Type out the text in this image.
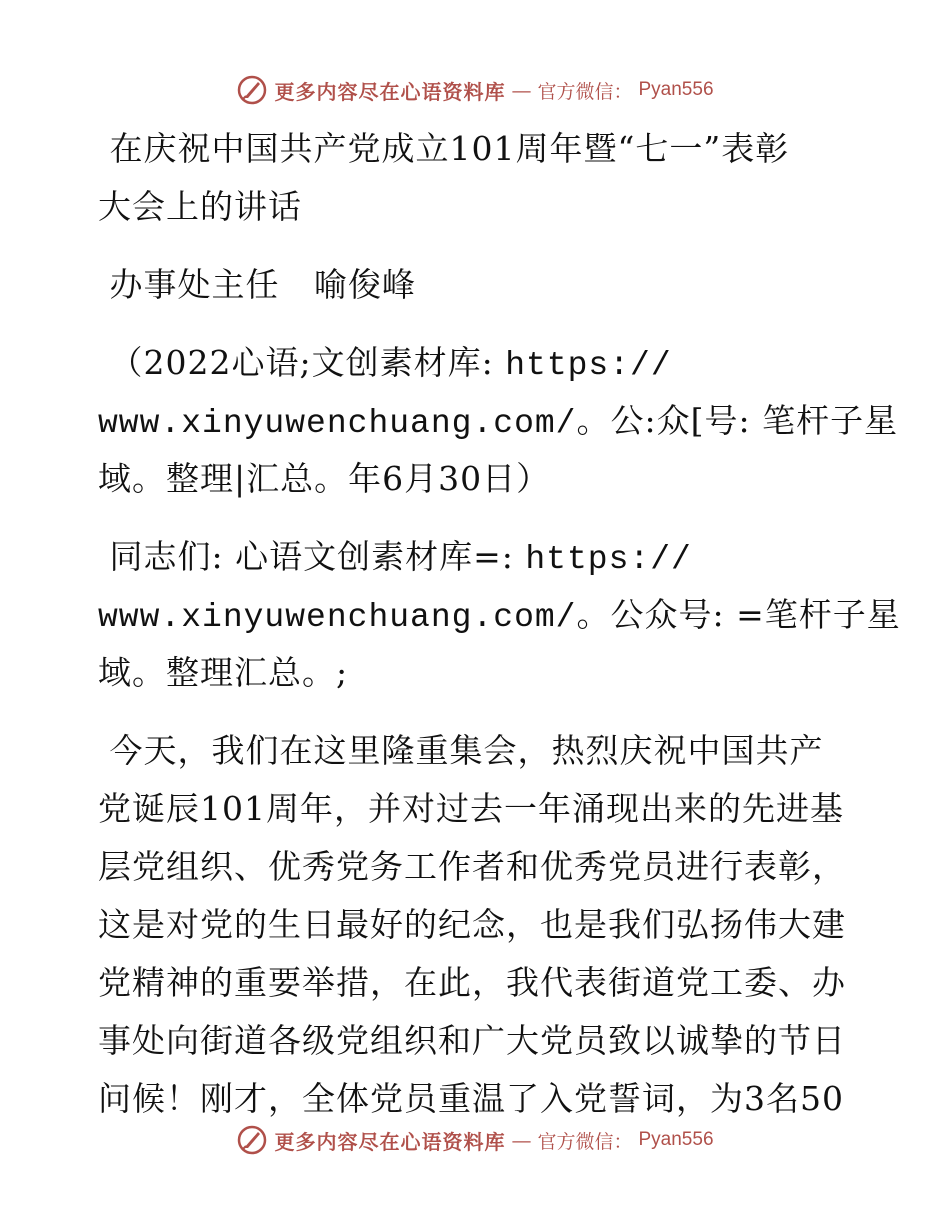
更多内容尽在心语资料库 — 官方微信： Pyan556
在庆祝中国共产党成立101周年暨“七一”表彰
大会上的讲话
办事处主任 喻俊峰
（2022心语;文创素材库: https://
www.xinyuwenchuang.com/。公:众[号: 笔杆子星
域。整理|汇总。年6月30日）
同志们: 心语文创素材库=: https://
www.xinyuwenchuang.com/。公众号: =笔杆子星
域。整理汇总。;
今天，我们在这里隆重集会，热烈庆祝中国共产
党诞辰101周年，并对过去一年涌现出来的先进基
层党组织、优秀党务工作者和优秀党员进行表彰，
这是对党的生日最好的纪念，也是我们弘扬伟大建
党精神的重要举措，在此，我代表街道党工委、办
事处向街道各级党组织和广大党员致以诚挚的节日
问候！刚才，全体党员重温了入党誓词，为3名50
更多内容尽在心语资料库 — 官方微信： Pyan556
